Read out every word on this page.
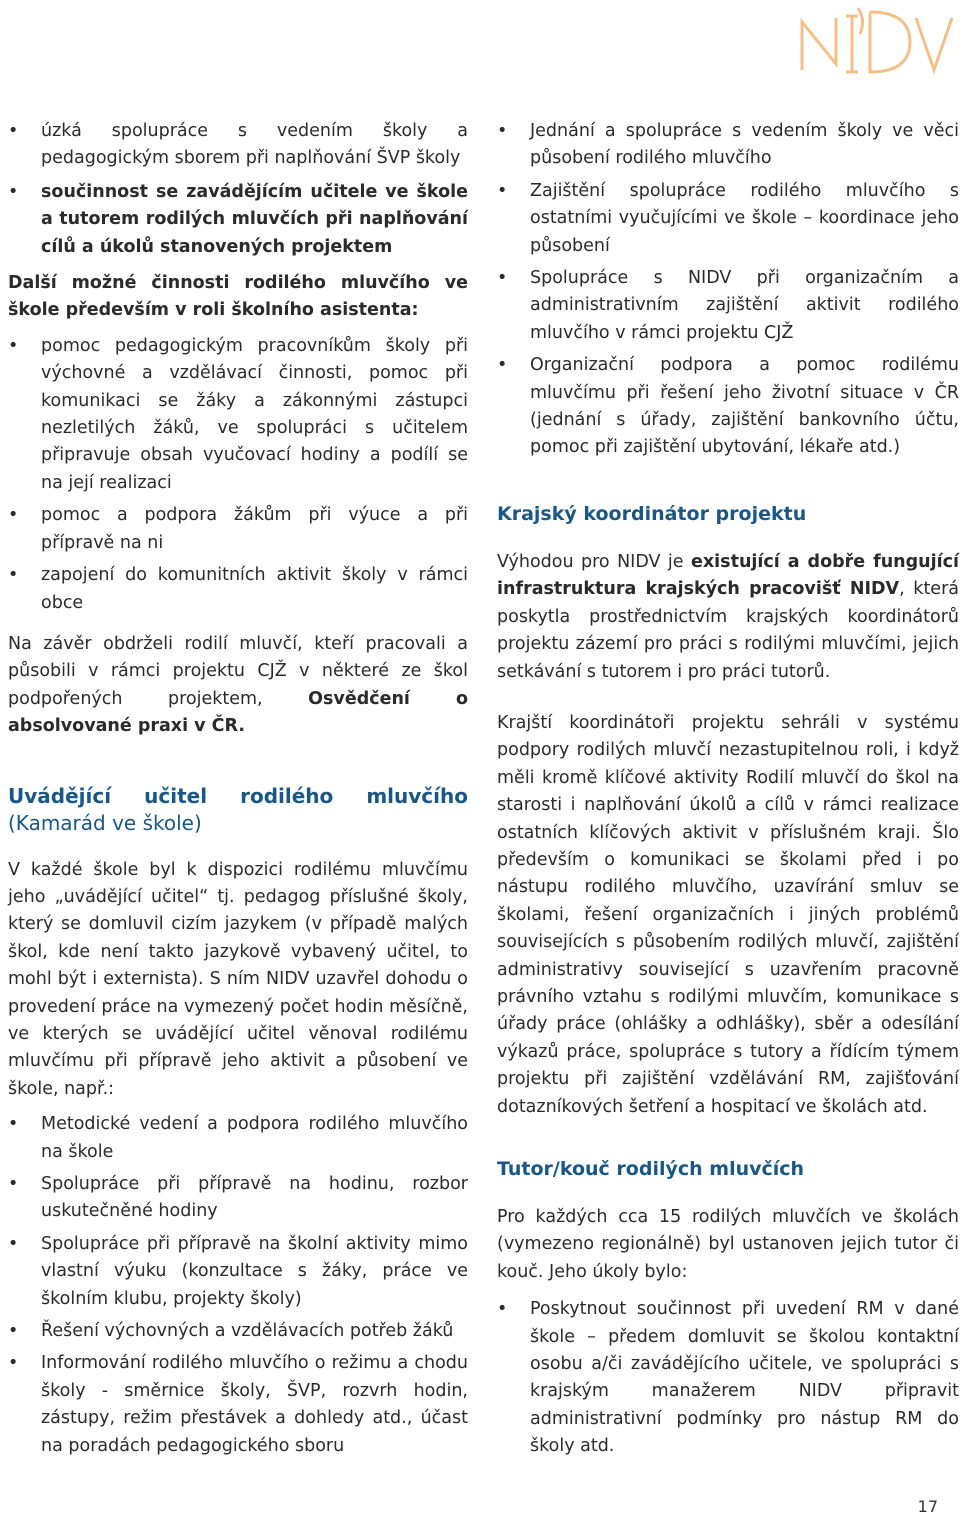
NIDV
•	úzká spolupráce s vedením školy a pedagogickým sborem při naplňování ŠVP školy
•	součinnost se zavádějícím učitele ve škole a tutorem rodilých mluvčích při naplňování cílů a úkolů stanovených projektem

Další možné činnosti rodilého mluvčího ve škole především v roli školního asistenta:

•	pomoc pedagogickým pracovníkům školy při výchovné a vzdělávací činnosti, pomoc při komunikaci se žáky a zákonnými zástupci nezletilých žáků, ve spolupráci s učitelem připravuje obsah vyučovací hodiny a podílí se na její realizaci
•	pomoc a podpora žákům při výuce a při přípravě na ni
•	zapojení do komunitních aktivit školy v rámci obce

Na závěr obdrželi rodilí mluvčí, kteří pracovali a působili v rámci projektu CJŽ v některé ze škol podpořených projektem, Osvědčení o absolvované praxi v ČR.

Uvádějící učitel rodilého mluvčího (Kamarád ve škole)

V každé škole byl k dispozici rodilému mluvčímu jeho „uvádějící učitel“ tj. pedagog příslušné školy, který se domluvil cizím jazykem (v případě malých škol, kde není takto jazykově vybavený učitel, to mohl být i externista). S ním NIDV uzavřel dohodu o provedení práce na vymezený počet hodin měsíčně, ve kterých se uvádějící učitel věnoval rodilému mluvčímu při přípravě jeho aktivit a působení ve škole, např.:

•	Metodické vedení a podpora rodilého mluvčího na škole
•	Spolupráce při přípravě na hodinu, rozbor uskutečněné hodiny
•	Spolupráce při přípravě na školní aktivity mimo vlastní výuku (konzultace s žáky, práce ve školním klubu, projekty školy)
•	Řešení výchovných a vzdělávacích potřeb žáků
•	Informování rodilého mluvčího o režimu a chodu školy - směrnice školy, ŠVP, rozvrh hodin, zástupy, režim přestávek a dohledy atd., účast na poradách pedagogického sboru
•	Jednání a spolupráce s vedením školy ve věci působení rodilého mluvčího
•	Zajištění spolupráce rodilého mluvčího s ostatními vyučujícími ve škole – koordinace jeho působení
•	Spolupráce s NIDV při organizačním a administrativním zajištění aktivit rodilého mluvčího v rámci projektu CJŽ
•	Organizační podpora a pomoc rodilému mluvčímu při řešení jeho životní situace v ČR (jednání s úřady, zajištění bankovního účtu, pomoc při zajištění ubytování, lékaře atd.)

Krajský koordinátor projektu

Výhodou pro NIDV je existující a dobře fungující infrastruktura krajských pracovišť NIDV, která poskytla prostřednictvím krajských koordinátorů projektu zázemí pro práci s rodilými mluvčími, jejich setkávání s tutorem i pro práci tutorů.

Krajští koordinátoři projektu sehráli v systému podpory rodilých mluvčí nezastupitelnou roli, i když měli kromě klíčové aktivity Rodilí mluvčí do škol na starosti i naplňování úkolů a cílů v rámci realizace ostatních klíčových aktivit v příslušném kraji. Šlo především o komunikaci se školami před i po nástupu rodilého mluvčího, uzavírání smluv se školami, řešení organizačních i jiných problémů souvisejících s působením rodilých mluvčí, zajištění administrativy související s uzavřením pracovně právního vztahu s rodilými mluvčím, komunikace s úřady práce (ohlášky a odhlášky), sběr a odesílání výkazů práce, spolupráce s tutory a řídícím týmem projektu při zajištění vzdělávání RM, zajišťování dotazníkových šetření a hospitací ve školách atd.

Tutor/kouč rodilých mluvčích

Pro každých cca 15 rodilých mluvčích ve školách (vymezeno regionálně) byl ustanoven jejich tutor či kouč. Jeho úkoly bylo:

•	Poskytnout součinnost při uvedení RM v dané škole – předem domluvit se školou kontaktní osobu a/či zavádějícího učitele, ve spolupráci s krajským manažerem NIDV připravit administrativní podmínky pro nástup RM do školy atd.
17
